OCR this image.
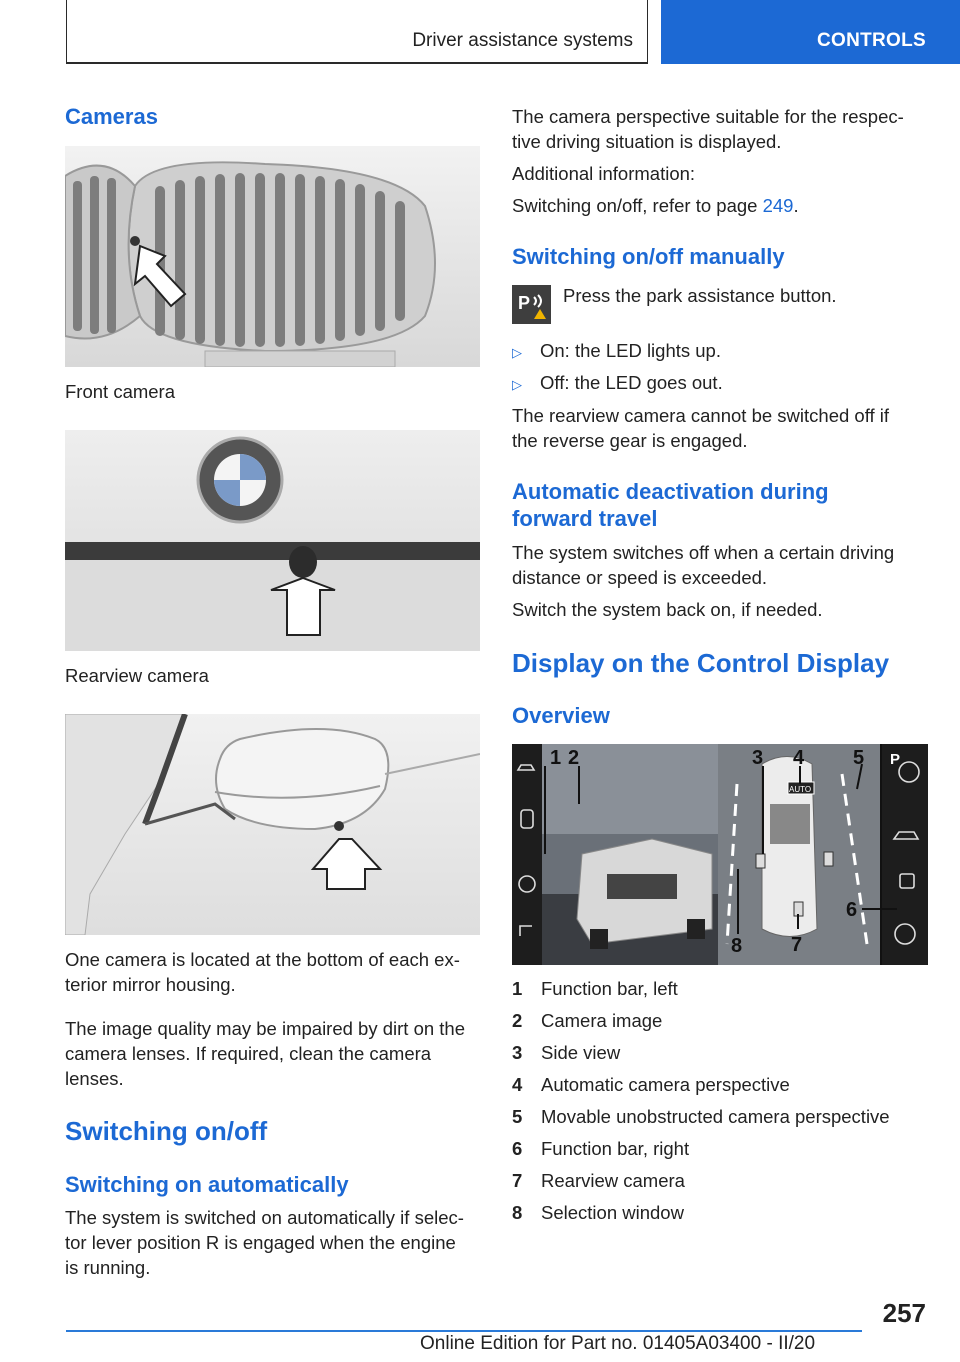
Driver assistance systems	CONTROLS
Cameras
Front camera
Rearview camera
One camera is located at the bottom of each ex-
terior mirror housing.
The image quality may be impaired by dirt on the
camera lenses. If required, clean the camera
lenses.
Switching on/off
Switching on automatically
The system is switched on automatically if selec-
tor lever position R is engaged when the engine
is running.
The camera perspective suitable for the respec-
tive driving situation is displayed.
Additional information:
Switching on/off, refer to page 249.
Switching on/off manually
P Press the park assistance button.
▷ On: the LED lights up.
▷ Off: the LED goes out.
The rearview camera cannot be switched off if
the reverse gear is engaged.
Automatic deactivation during
forward travel
The system switches off when a certain driving
distance or speed is exceeded.
Switch the system back on, if needed.
Display on the Control Display
Overview
AUTO
P
1 2	3 4 5
6
7
8
1 Function bar, left
2 Camera image
3 Side view
4 Automatic camera perspective
5 Movable unobstructed camera perspective
6 Function bar, right
7 Rearview camera
8 Selection window
257
Online Edition for Part no. 01405A03400 - II/20
